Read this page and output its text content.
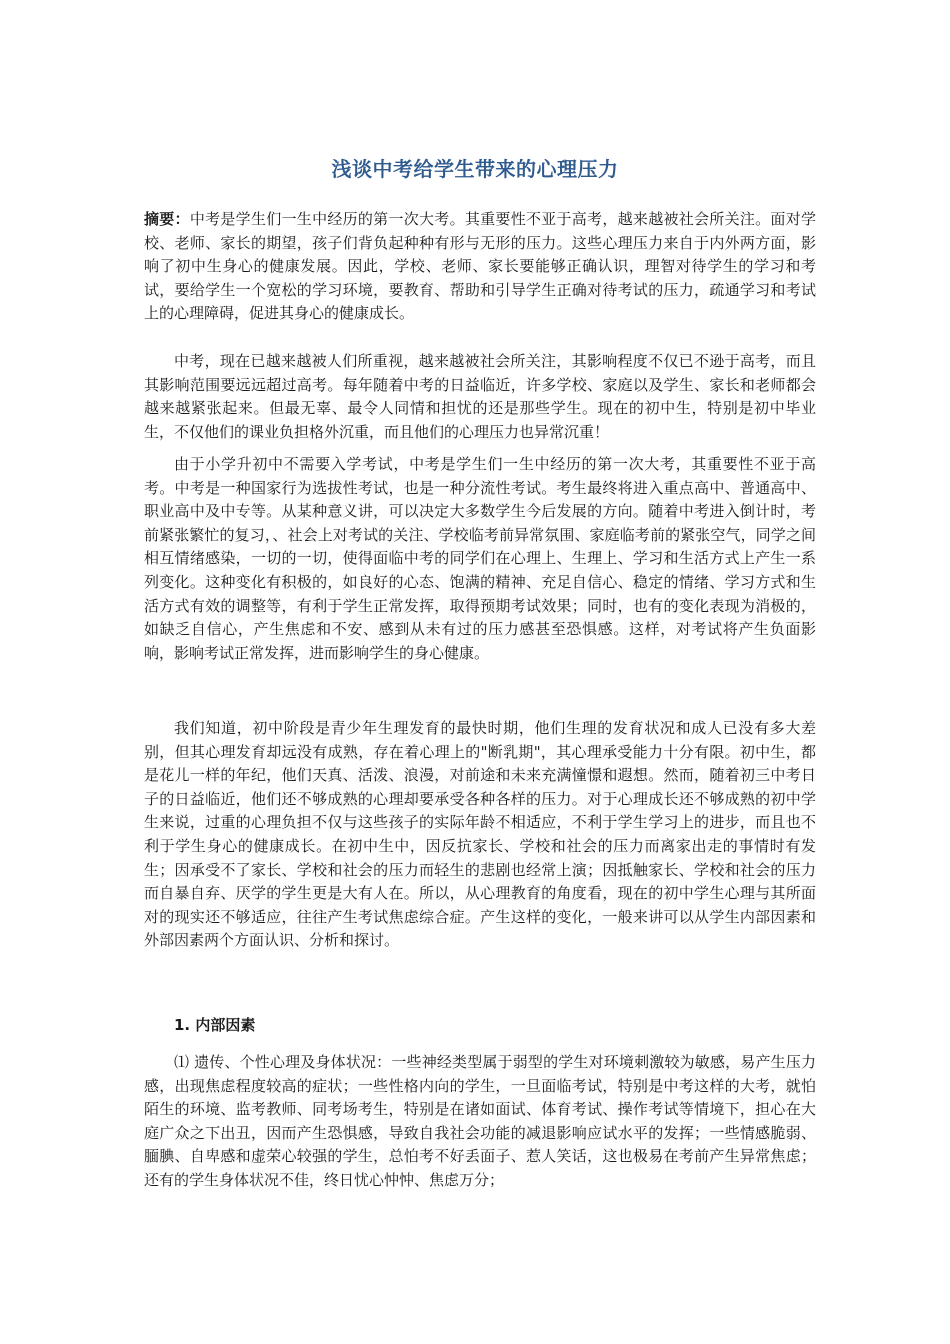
浅谈中考给学生带来的心理压力

摘要：中考是学生们一生中经历的第一次大考。其重要性不亚于高考，越来越被社会所关注。面对学校、老师、家长的期望，孩子们背负起种种有形与无形的压力。这些心理压力来自于内外两方面，影响了初中生身心的健康发展。因此，学校、老师、家长要能够正确认识，理智对待学生的学习和考试，要给学生一个宽松的学习环境，要教育、帮助和引导学生正确对待考试的压力，疏通学习和考试上的心理障碍，促进其身心的健康成长。

中考，现在已越来越被人们所重视，越来越被社会所关注，其影响程度不仅已不逊于高考，而且其影响范围要远远超过高考。每年随着中考的日益临近，许多学校、家庭以及学生、家长和老师都会越来越紧张起来。但最无辜、最令人同情和担忧的还是那些学生。现在的初中生，特别是初中毕业生，不仅他们的课业负担格外沉重，而且他们的心理压力也异常沉重！

由于小学升初中不需要入学考试，中考是学生们一生中经历的第一次大考，其重要性不亚于高考。中考是一种国家行为选拔性考试，也是一种分流性考试。考生最终将进入重点高中、普通高中、职业高中及中专等。从某种意义讲，可以决定大多数学生今后发展的方向。随着中考进入倒计时，考前紧张繁忙的复习，、社会上对考试的关注、学校临考前异常氛围、家庭临考前的紧张空气，同学之间相互情绪感染，一切的一切，使得面临中考的同学们在心理上、生理上、学习和生活方式上产生一系列变化。这种变化有积极的，如良好的心态、饱满的精神、充足自信心、稳定的情绪、学习方式和生活方式有效的调整等，有利于学生正常发挥，取得预期考试效果；同时，也有的变化表现为消极的，如缺乏自信心，产生焦虑和不安、感到从未有过的压力感甚至恐惧感。这样，对考试将产生负面影响，影响考试正常发挥，进而影响学生的身心健康。

我们知道，初中阶段是青少年生理发育的最快时期，他们生理的发育状况和成人已没有多大差别，但其心理发育却远没有成熟，存在着心理上的"断乳期"，其心理承受能力十分有限。初中生，都是花儿一样的年纪，他们天真、活泼、浪漫，对前途和未来充满憧憬和遐想。然而，随着初三中考日子的日益临近，他们还不够成熟的心理却要承受各种各样的压力。对于心理成长还不够成熟的初中学生来说，过重的心理负担不仅与这些孩子的实际年龄不相适应，不利于学生学习上的进步，而且也不利于学生身心的健康成长。在初中生中，因反抗家长、学校和社会的压力而离家出走的事情时有发生；因承受不了家长、学校和社会的压力而轻生的悲剧也经常上演；因抵触家长、学校和社会的压力而自暴自弃、厌学的学生更是大有人在。所以，从心理教育的角度看，现在的初中学生心理与其所面对的现实还不够适应，往往产生考试焦虑综合症。产生这样的变化，一般来讲可以从学生内部因素和外部因素两个方面认识、分析和探讨。

1. 内部因素

⑴ 遗传、个性心理及身体状况：一些神经类型属于弱型的学生对环境刺激较为敏感，易产生压力感，出现焦虑程度较高的症状；一些性格内向的学生，一旦面临考试，特别是中考这样的大考，就怕陌生的环境、监考教师、同考场考生，特别是在诸如面试、体育考试、操作考试等情境下，担心在大庭广众之下出丑，因而产生恐惧感，导致自我社会功能的减退影响应试水平的发挥；一些情感脆弱、腼腆、自卑感和虚荣心较强的学生，总怕考不好丢面子、惹人笑话，这也极易在考前产生异常焦虑；还有的学生身体状况不佳，终日忧心忡忡、焦虑万分；
